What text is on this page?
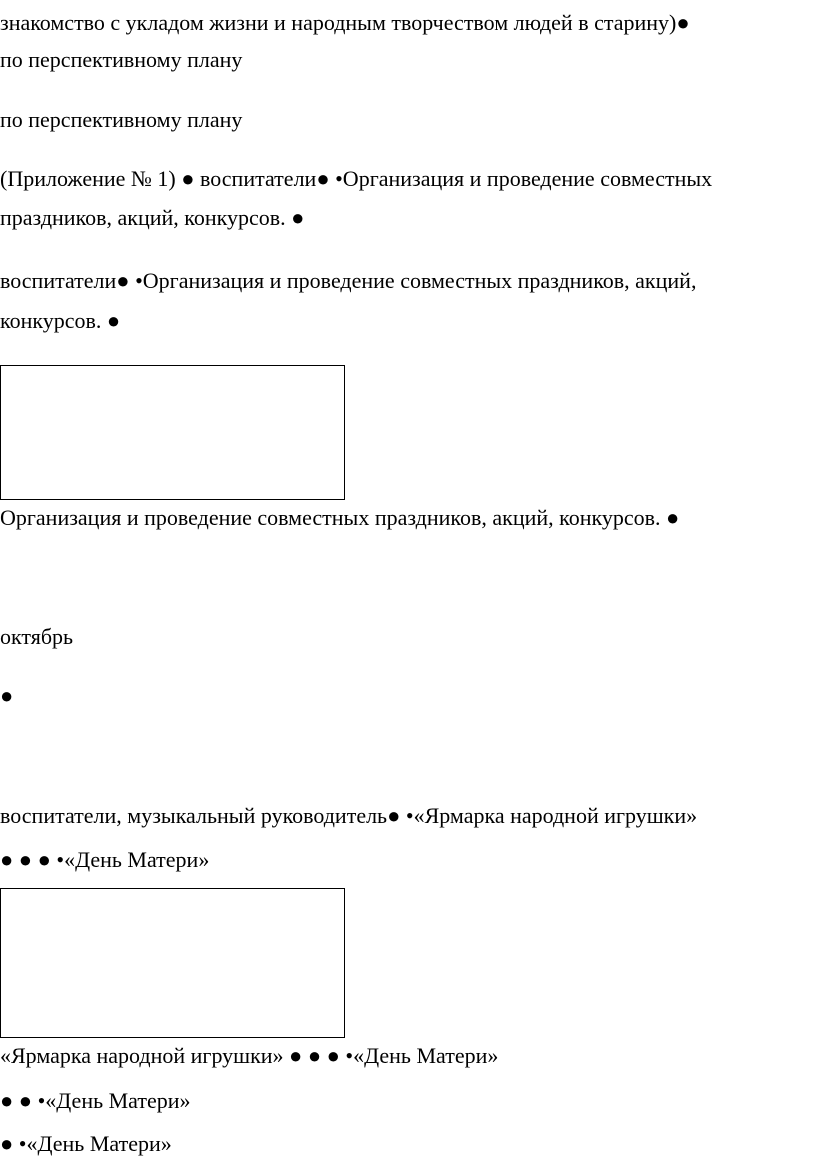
знакомство с укладом жизни и народным творчеством людей в старину)●
по перспективному плану
по перспективному плану
(Приложение № 1) ● воспитатели● •Организация и проведение совместных
праздников, акций, конкурсов. ●
воспитатели● •Организация и проведение совместных праздников, акций,
конкурсов. ●
Организация и проведение совместных праздников, акций, конкурсов. ●
октябрь
●
воспитатели, музыкальный руководитель● •«Ярмарка народной игрушки»
● ● ● •«День Матери»
«Ярмарка народной игрушки» ● ● ● •«День Матери»
● ● •«День Матери»
● •«День Матери»
